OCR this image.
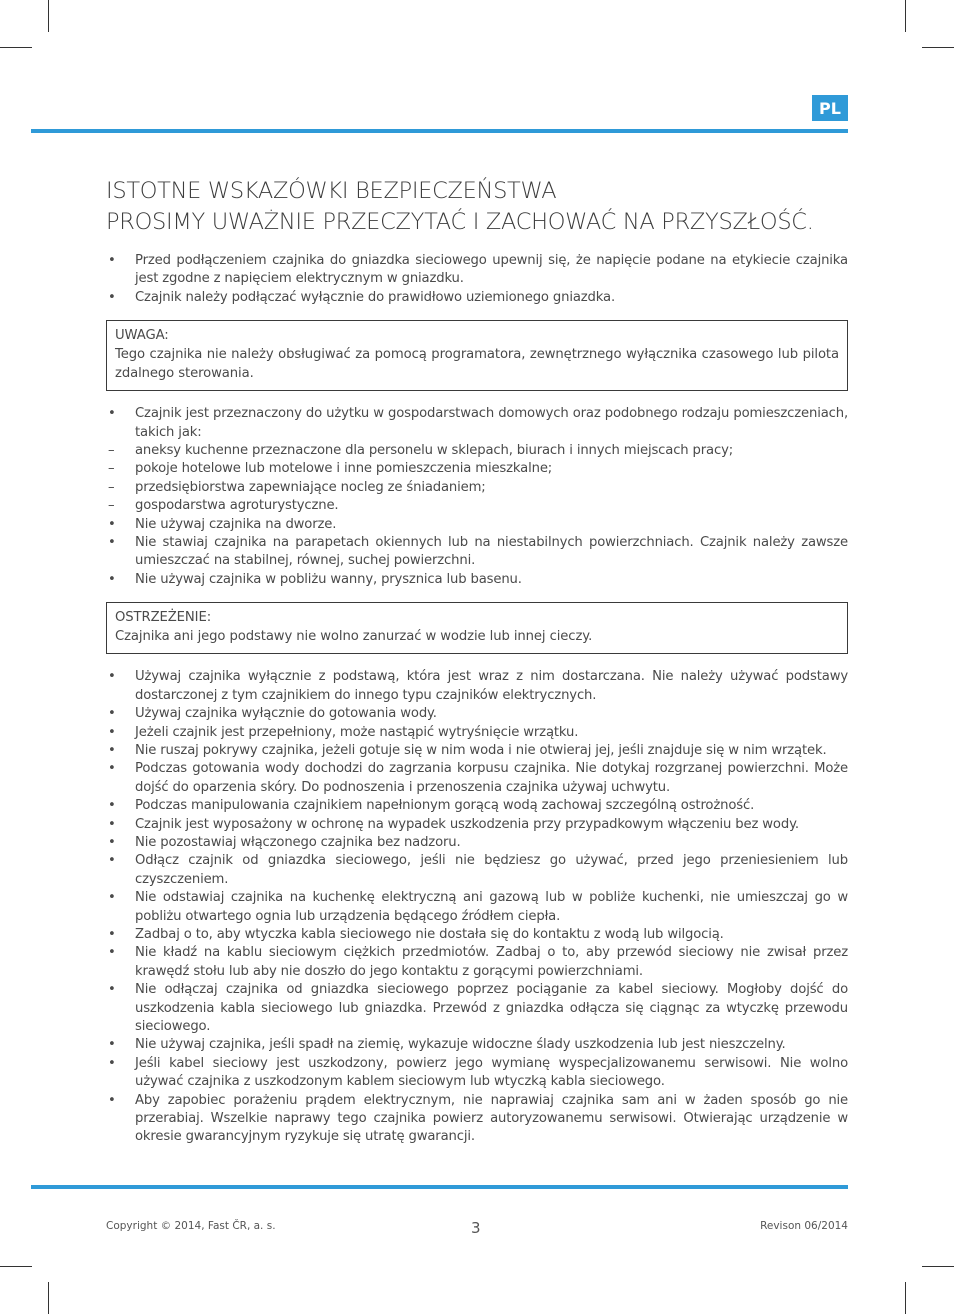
PL
ISTOTNE WSKAZÓWKI BEZPIECZEŃSTWA
PROSIMY UWAŻNIE PRZECZYTAĆ I ZACHOWAĆ NA PRZYSZŁOŚĆ.
• Przed podłączeniem czajnika do gniazdka sieciowego upewnij się, że napięcie podane na etykiecie czajnika jest zgodne z napięciem elektrycznym w gniazdku.
• Czajnik należy podłączać wyłącznie do prawidłowo uziemionego gniazdka.
UWAGA:
Tego czajnika nie należy obsługiwać za pomocą programatora, zewnętrznego wyłącznika czasowego lub pilota zdalnego sterowania.
• Czajnik jest przeznaczony do użytku w gospodarstwach domowych oraz podobnego rodzaju pomieszczeniach, takich jak:
– aneksy kuchenne przeznaczone dla personelu w sklepach, biurach i innych miejscach pracy;
– pokoje hotelowe lub motelowe i inne pomieszczenia mieszkalne;
– przedsiębiorstwa zapewniające nocleg ze śniadaniem;
– gospodarstwa agroturystyczne.
• Nie używaj czajnika na dworze.
• Nie stawiaj czajnika na parapetach okiennych lub na niestabilnych powierzchniach. Czajnik należy zawsze umieszczać na stabilnej, równej, suchej powierzchni.
• Nie używaj czajnika w pobliżu wanny, prysznica lub basenu.
OSTRZEŻENIE:
Czajnika ani jego podstawy nie wolno zanurzać w wodzie lub innej cieczy.
• Używaj czajnika wyłącznie z podstawą, która jest wraz z nim dostarczana. Nie należy używać podstawy dostarczonej z tym czajnikiem do innego typu czajników elektrycznych.
• Używaj czajnika wyłącznie do gotowania wody.
• Jeżeli czajnik jest przepełniony, może nastąpić wytryśnięcie wrzątku.
• Nie ruszaj pokrywy czajnika, jeżeli gotuje się w nim woda i nie otwieraj jej, jeśli znajduje się w nim wrzątek.
• Podczas gotowania wody dochodzi do zagrzania korpusu czajnika. Nie dotykaj rozgrzanej powierzchni. Może dojść do oparzenia skóry. Do podnoszenia i przenoszenia czajnika używaj uchwytu.
• Podczas manipulowania czajnikiem napełnionym gorącą wodą zachowaj szczególną ostrożność.
• Czajnik jest wyposażony w ochronę na wypadek uszkodzenia przy przypadkowym włączeniu bez wody.
• Nie pozostawiaj włączonego czajnika bez nadzoru.
• Odłącz czajnik od gniazdka sieciowego, jeśli nie będziesz go używać, przed jego przeniesieniem lub czyszczeniem.
• Nie odstawiaj czajnika na kuchenkę elektryczną ani gazową lub w pobliże kuchenki, nie umieszczaj go w pobliżu otwartego ognia lub urządzenia będącego źródłem ciepła.
• Zadbaj o to, aby wtyczka kabla sieciowego nie dostała się do kontaktu z wodą lub wilgocią.
• Nie kładź na kablu sieciowym ciężkich przedmiotów. Zadbaj o to, aby przewód sieciowy nie zwisał przez krawędź stołu lub aby nie doszło do jego kontaktu z gorącymi powierzchniami.
• Nie odłączaj czajnika od gniazdka sieciowego poprzez pociąganie za kabel sieciowy. Mogłoby dojść do uszkodzenia kabla sieciowego lub gniazdka. Przewód z gniazdka odłącza się ciągnąc za wtyczkę przewodu sieciowego.
• Nie używaj czajnika, jeśli spadł na ziemię, wykazuje widoczne ślady uszkodzenia lub jest nieszczelny.
• Jeśli kabel sieciowy jest uszkodzony, powierz jego wymianę wyspecjalizowanemu serwisowi. Nie wolno używać czajnika z uszkodzonym kablem sieciowym lub wtyczką kabla sieciowego.
• Aby zapobiec porażeniu prądem elektrycznym, nie naprawiaj czajnika sam ani w żaden sposób go nie przerabiaj. Wszelkie naprawy tego czajnika powierz autoryzowanemu serwisowi. Otwierając urządzenie w okresie gwarancyjnym ryzykuje się utratę gwarancji.
Copyright © 2014, Fast ČR, a. s.	3	Revison 06/2014
